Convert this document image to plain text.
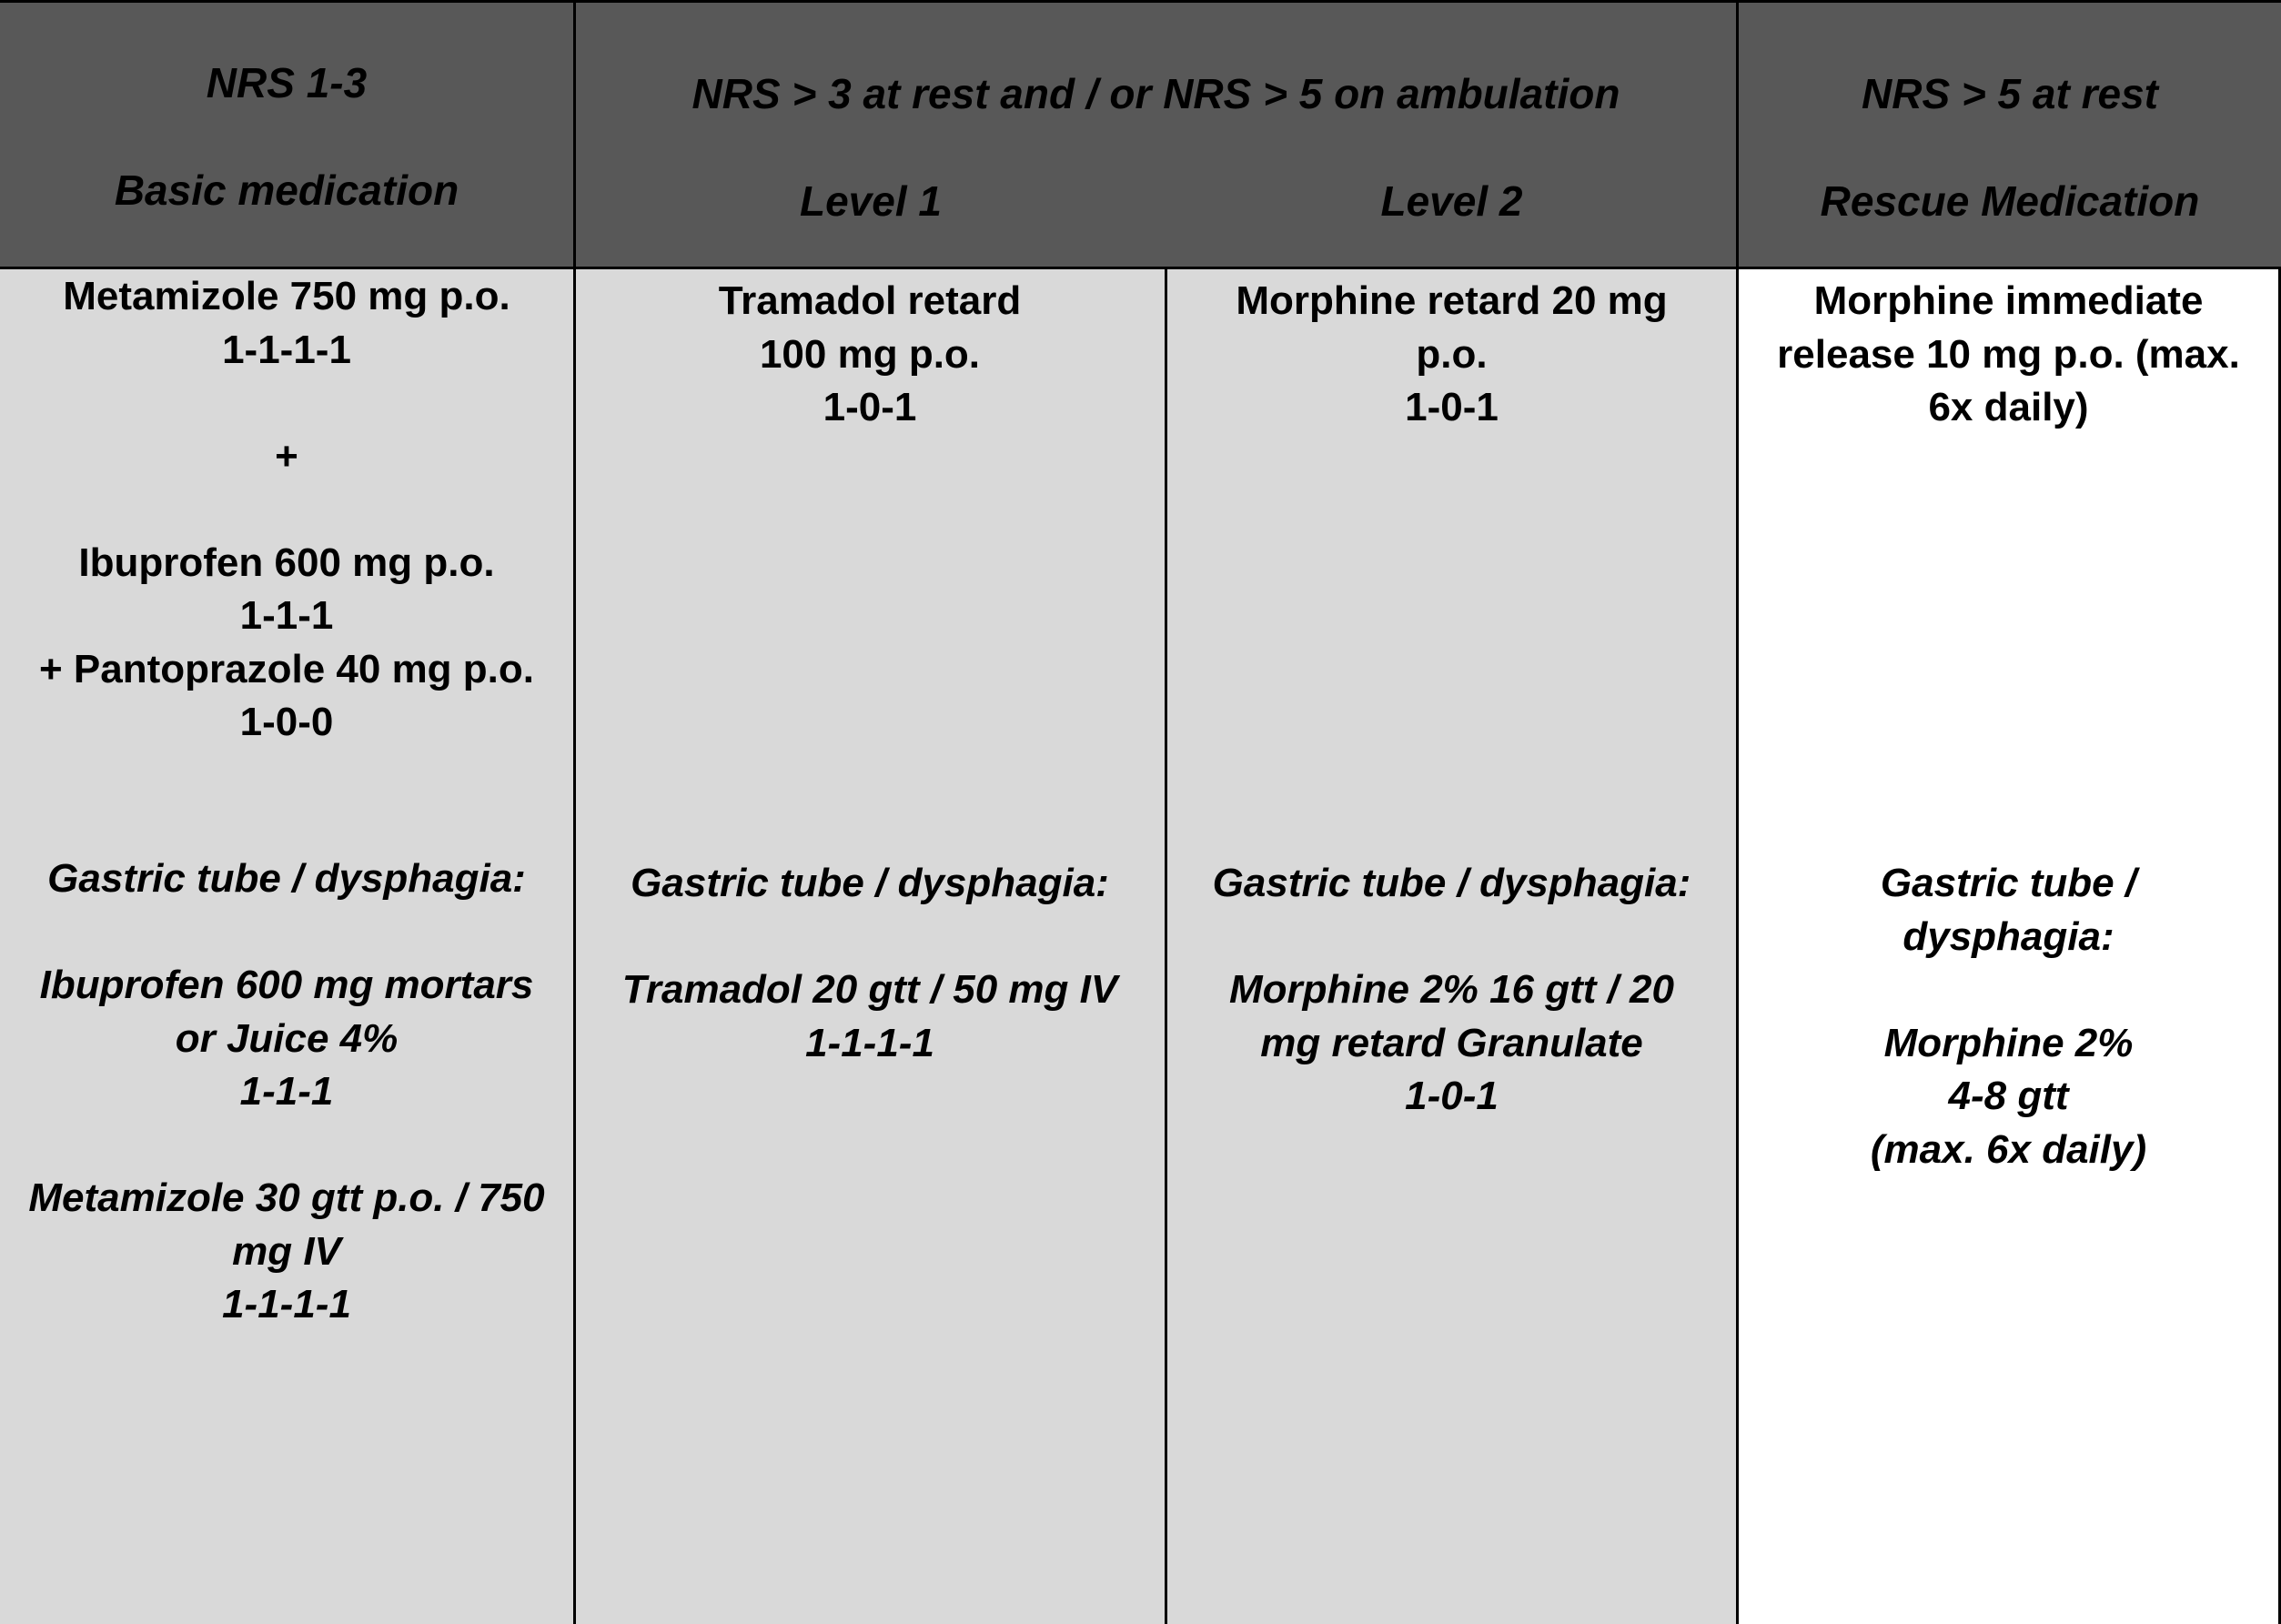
NRS 1-3
Basic medication
NRS > 3 at rest and / or NRS > 5 on ambulation
Level 1	Level 2
NRS > 5 at rest
Rescue Medication
Metamizole 750 mg p.o.
1-1-1-1

+

Ibuprofen 600 mg p.o.
1-1-1
+ Pantoprazole 40 mg p.o.
1-0-0
Gastric tube / dysphagia:

Ibuprofen 600 mg mortars
or Juice 4%
1-1-1

Metamizole 30 gtt p.o. / 750
mg IV
1-1-1-1
Tramadol retard
100 mg p.o.
1-0-1
Gastric tube / dysphagia:

Tramadol 20 gtt / 50 mg IV
1-1-1-1
Morphine retard 20 mg
p.o.
1-0-1
Gastric tube / dysphagia:

Morphine 2% 16 gtt / 20
mg retard Granulate
1-0-1
Morphine immediate
release 10 mg p.o. (max.
6x daily)
Gastric tube /
dysphagia:

Morphine 2%
4-8 gtt
(max. 6x daily)
